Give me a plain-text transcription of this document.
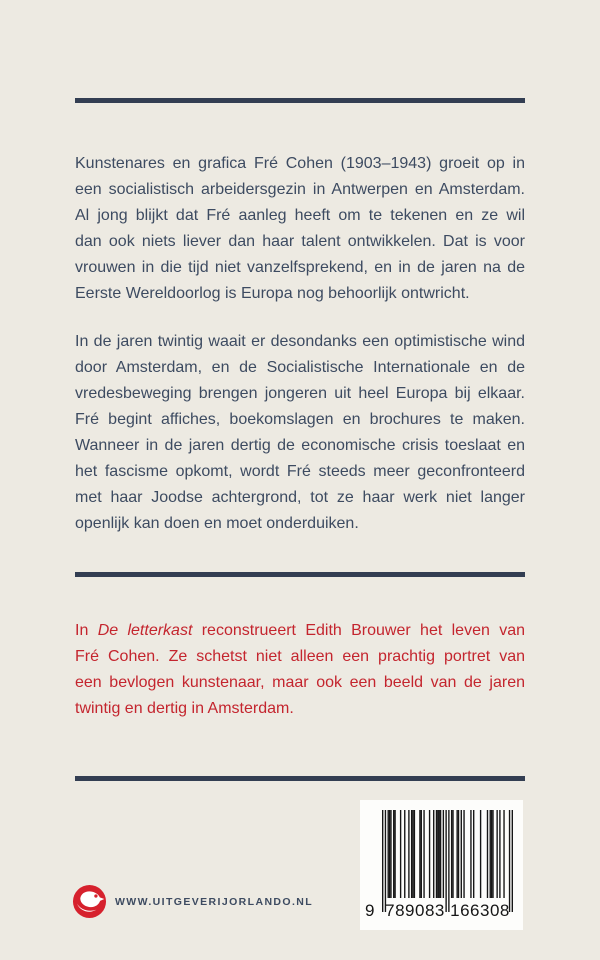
Kunstenares en grafica Fré Cohen (1903–1943) groeit op in
een socialistisch arbeidersgezin in Antwerpen en Amsterdam.
Al jong blijkt dat Fré aanleg heeft om te tekenen en ze wil
dan ook niets liever dan haar talent ontwikkelen. Dat is voor
vrouwen in die tijd niet vanzelfsprekend, en in de jaren na de
Eerste Wereldoorlog is Europa nog behoorlijk ontwricht.
In de jaren twintig waait er desondanks een optimistische wind
door Amsterdam, en de Socialistische Internationale en de
vredesbeweging brengen jongeren uit heel Europa bij elkaar.
Fré begint affiches, boekomslagen en brochures te maken.
Wanneer in de jaren dertig de economische crisis toeslaat en
het fascisme opkomt, wordt Fré steeds meer geconfronteerd
met haar Joodse achtergrond, tot ze haar werk niet langer
openlijk kan doen en moet onderduiken.
In De letterkast reconstrueert Edith Brouwer het leven van
Fré Cohen. Ze schetst niet alleen een prachtig portret van
een bevlogen kunstenaar, maar ook een beeld van de jaren
twintig en dertig in Amsterdam.
9 789083 166308
WWW.UITGEVERIJORLANDO.NL
